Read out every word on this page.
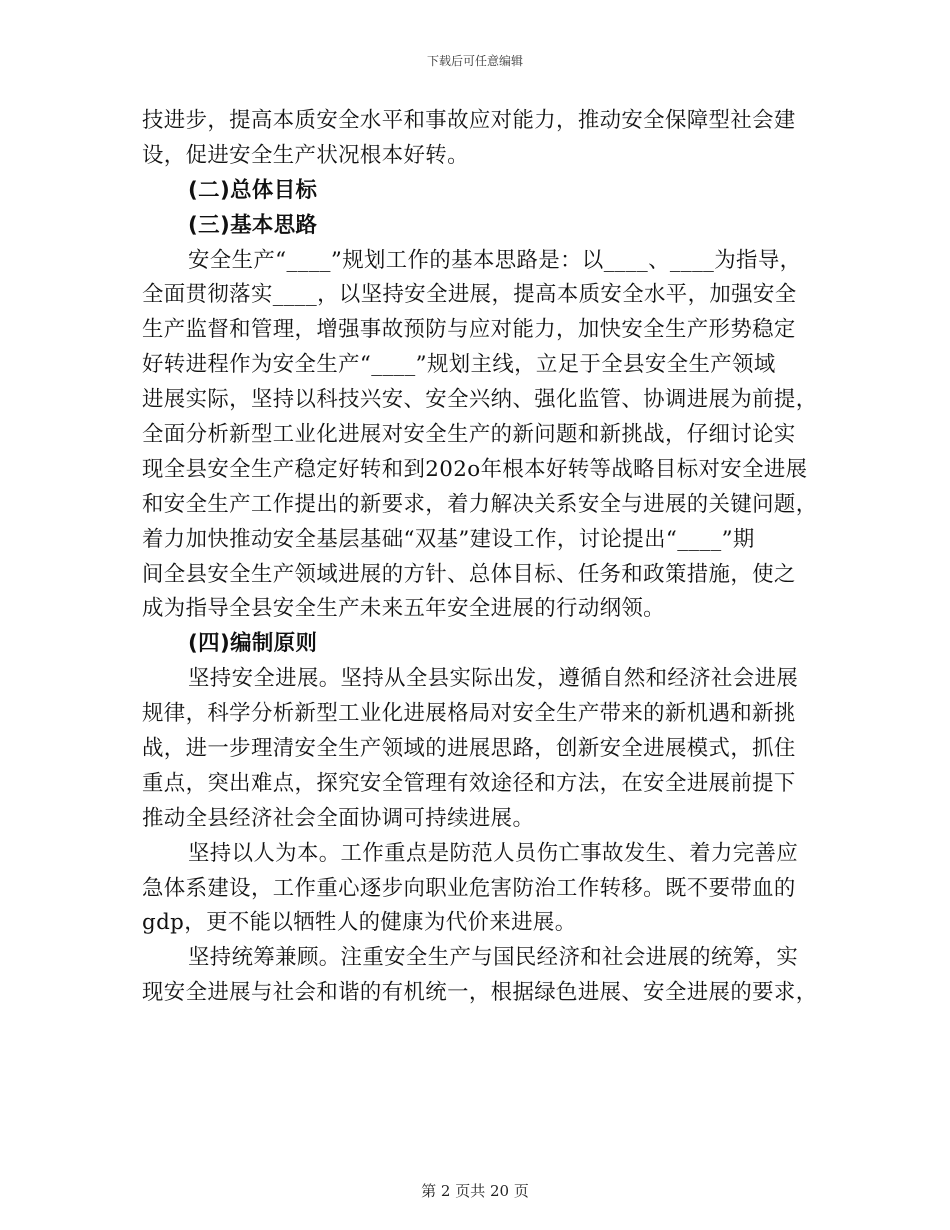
下载后可任意编辑
技进步，提高本质安全水平和事故应对能力，推动安全保障型社会建
设，促进安全生产状况根本好转。
(二)总体目标
(三)基本思路
安全生产“____”规划工作的基本思路是：以____、____为指导，
全面贯彻落实____，以坚持安全进展，提高本质安全水平，加强安全
生产监督和管理，增强事故预防与应对能力，加快安全生产形势稳定
好转进程作为安全生产“____”规划主线，立足于全县安全生产领域
进展实际，坚持以科技兴安、安全兴纳、强化监管、协调进展为前提，
全面分析新型工业化进展对安全生产的新问题和新挑战，仔细讨论实
现全县安全生产稳定好转和到202o年根本好转等战略目标对安全进展
和安全生产工作提出的新要求，着力解决关系安全与进展的关键问题，
着力加快推动安全基层基础“双基”建设工作，讨论提出“____”期
间全县安全生产领域进展的方针、总体目标、任务和政策措施，使之
成为指导全县安全生产未来五年安全进展的行动纲领。
(四)编制原则
坚持安全进展。坚持从全县实际出发，遵循自然和经济社会进展
规律，科学分析新型工业化进展格局对安全生产带来的新机遇和新挑
战，进一步理清安全生产领域的进展思路，创新安全进展模式，抓住
重点，突出难点，探究安全管理有效途径和方法，在安全进展前提下
推动全县经济社会全面协调可持续进展。
坚持以人为本。工作重点是防范人员伤亡事故发生、着力完善应
急体系建设，工作重心逐步向职业危害防治工作转移。既不要带血的
gdp，更不能以牺牲人的健康为代价来进展。
坚持统筹兼顾。注重安全生产与国民经济和社会进展的统筹，实
现安全进展与社会和谐的有机统一，根据绿色进展、安全进展的要求，
第 2 页共 20 页
